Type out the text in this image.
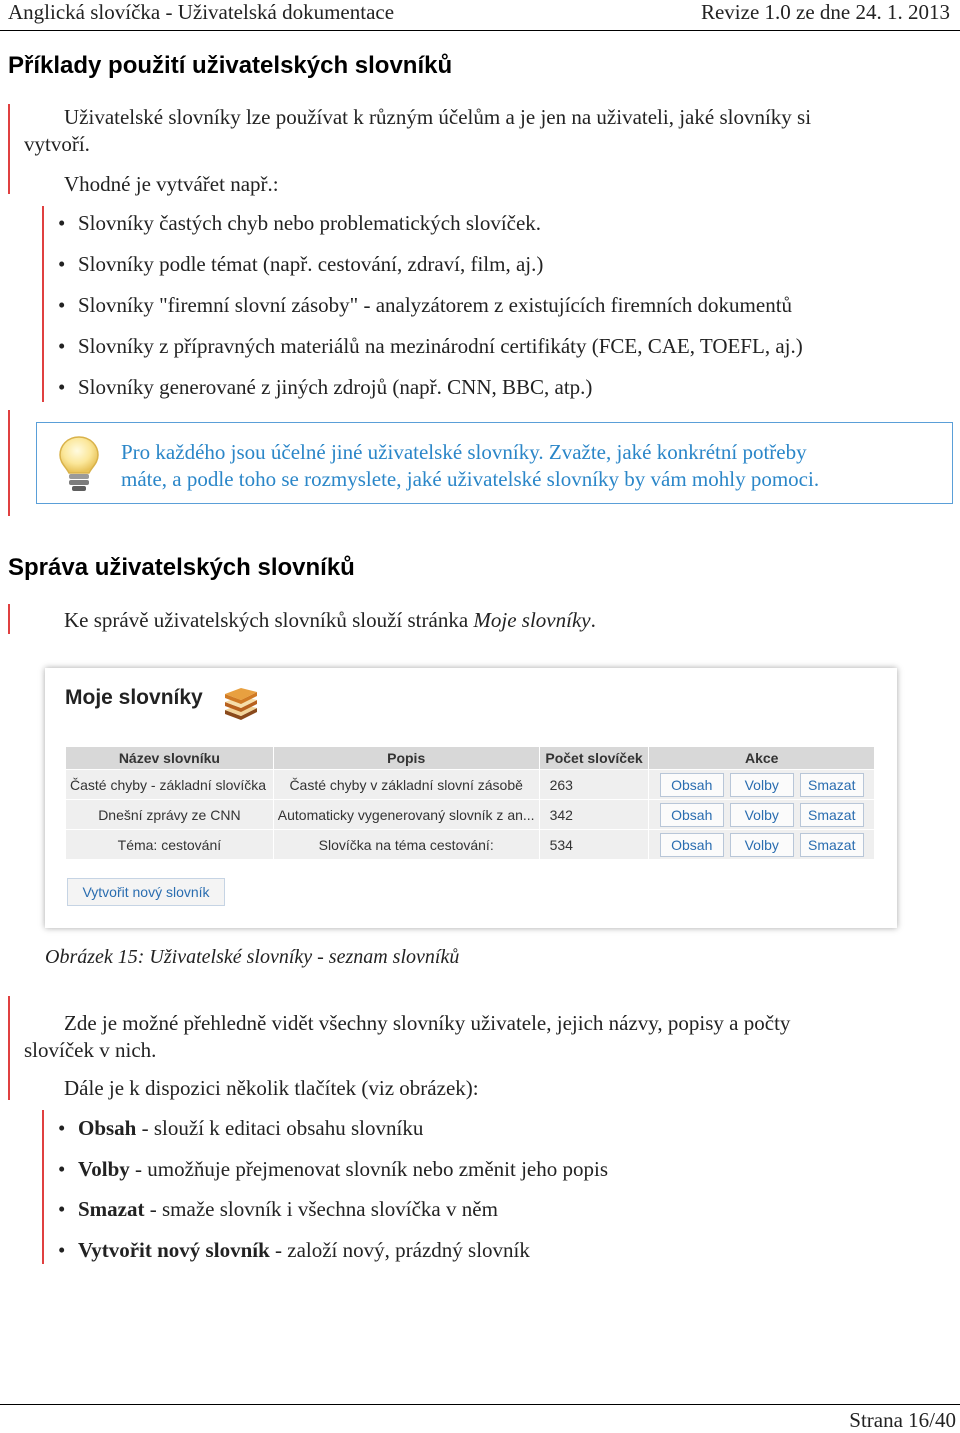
Anglická slovíčka - Uživatelská dokumentace	Revize 1.0 ze dne 24. 1. 2013
Příklady použití uživatelských slovníků
Uživatelské slovníky lze používat k různým účelům a je jen na uživateli, jaké slovníky si
vytvoří.
Vhodné je vytvářet např.:
• Slovníky častých chyb nebo problematických slovíček.
• Slovníky podle témat (např. cestování, zdraví, film, aj.)
• Slovníky "firemní slovní zásoby" - analyzátorem z existujících firemních dokumentů
• Slovníky z přípravných materiálů na mezinárodní certifikáty (FCE, CAE, TOEFL, aj.)
• Slovníky generované z jiných zdrojů (např. CNN, BBC, atp.)
Pro každého jsou účelné jiné uživatelské slovníky. Zvažte, jaké konkrétní potřeby
máte, a podle toho se rozmyslete, jaké uživatelské slovníky by vám mohly pomoci.
Správa uživatelských slovníků
Ke správě uživatelských slovníků slouží stránka Moje slovníky.
Moje slovníky
Název slovníku	Popis	Počet slovíček	Akce
Časté chyby - základní slovíčka	Časté chyby v základní slovní zásobě	263	Obsah Volby Smazat
Dnešní zprávy ze CNN	Automaticky vygenerovaný slovník z an...	342	Obsah Volby Smazat
Téma: cestování	Slovíčka na téma cestování:	534	Obsah Volby Smazat
Vytvořit nový slovník
Obrázek 15: Uživatelské slovníky - seznam slovníků
Zde je možné přehledně vidět všechny slovníky uživatele, jejich názvy, popisy a počty
slovíček v nich.
Dále je k dispozici několik tlačítek (viz obrázek):
• Obsah - slouží k editaci obsahu slovníku
• Volby - umožňuje přejmenovat slovník nebo změnit jeho popis
• Smazat - smaže slovník i všechna slovíčka v něm
• Vytvořit nový slovník - založí nový, prázdný slovník
Strana 16/40
